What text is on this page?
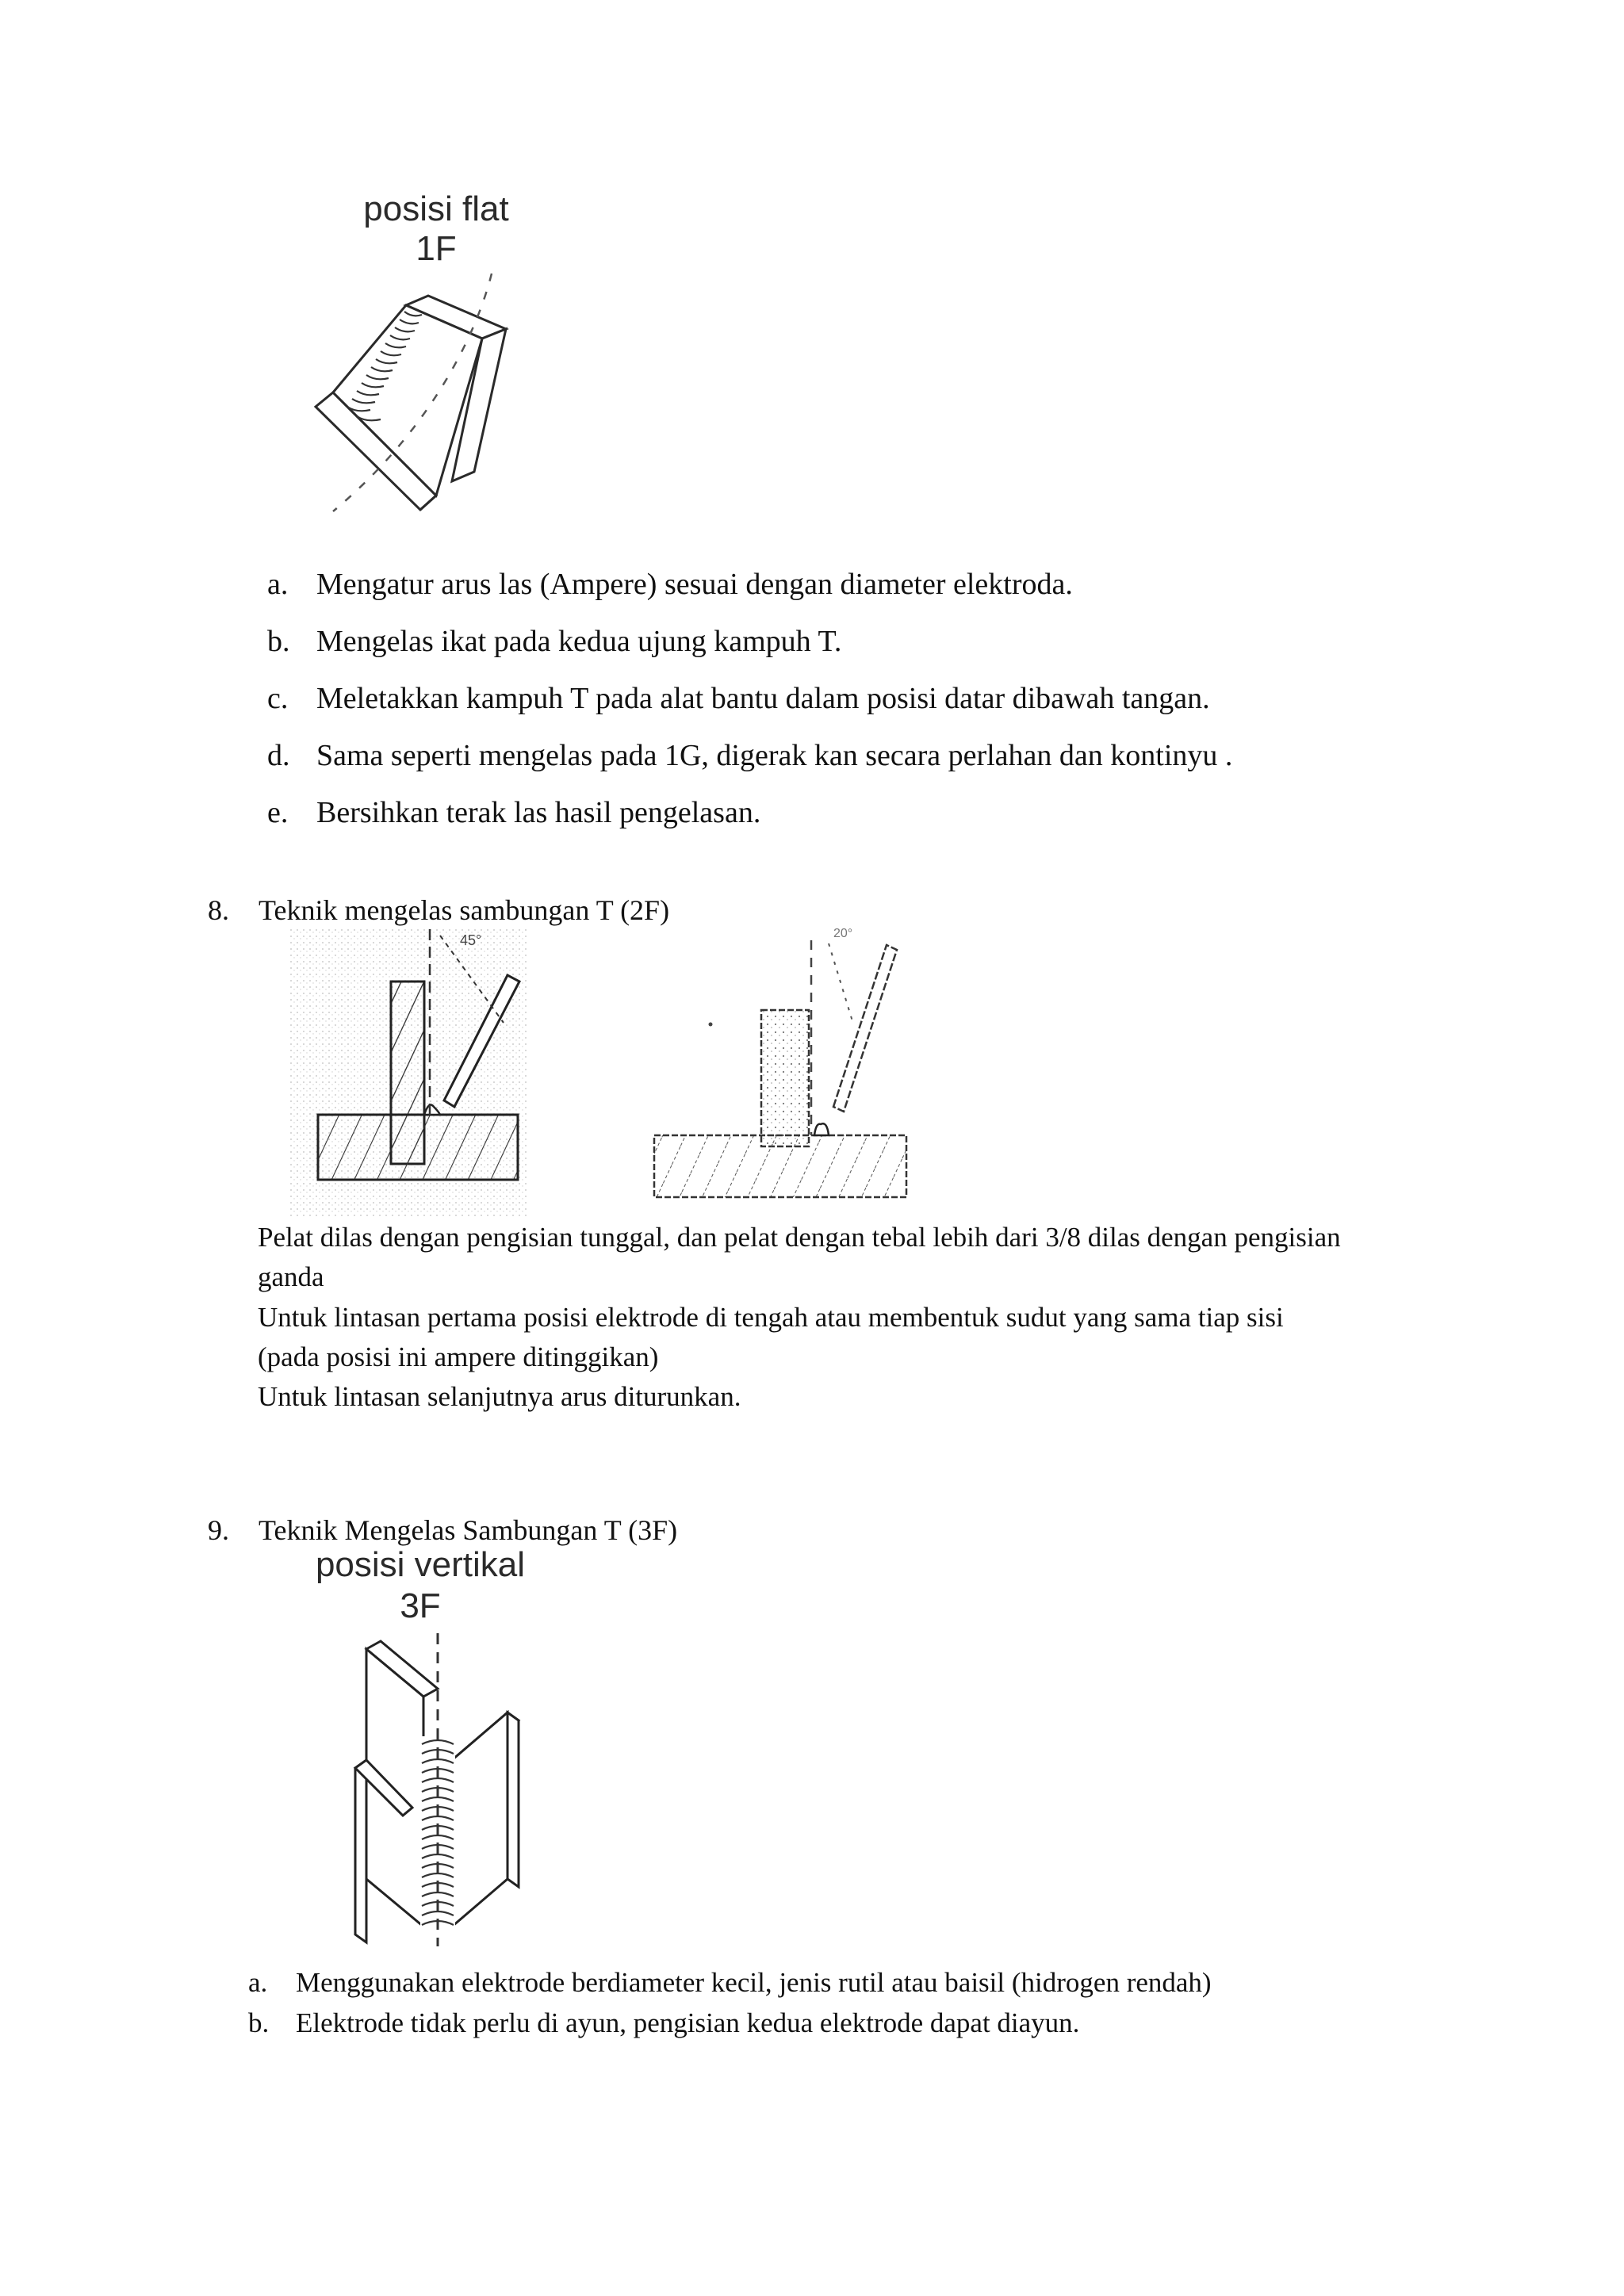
posisi flat
1F
a. Mengatur arus las (Ampere) sesuai dengan diameter elektroda.
b. Mengelas ikat pada kedua ujung kampuh T.
c. Meletakkan kampuh T pada alat bantu dalam posisi datar dibawah tangan.
d. Sama seperti mengelas pada 1G, digerak kan secara perlahan dan kontinyu .
e. Bersihkan terak las hasil pengelasan.
8. Teknik mengelas sambungan T (2F)
45°	20°
Pelat dilas dengan pengisian tunggal, dan pelat dengan tebal lebih dari 3/8 dilas dengan pengisian
ganda
Untuk lintasan pertama posisi elektrode di tengah atau membentuk sudut yang sama tiap sisi
(pada posisi ini ampere ditinggikan)
Untuk lintasan selanjutnya arus diturunkan.
9. Teknik Mengelas Sambungan T (3F)
posisi vertikal
3F
a. Menggunakan elektrode berdiameter kecil, jenis rutil atau baisil (hidrogen rendah)
b. Elektrode tidak perlu di ayun, pengisian kedua elektrode dapat diayun.
